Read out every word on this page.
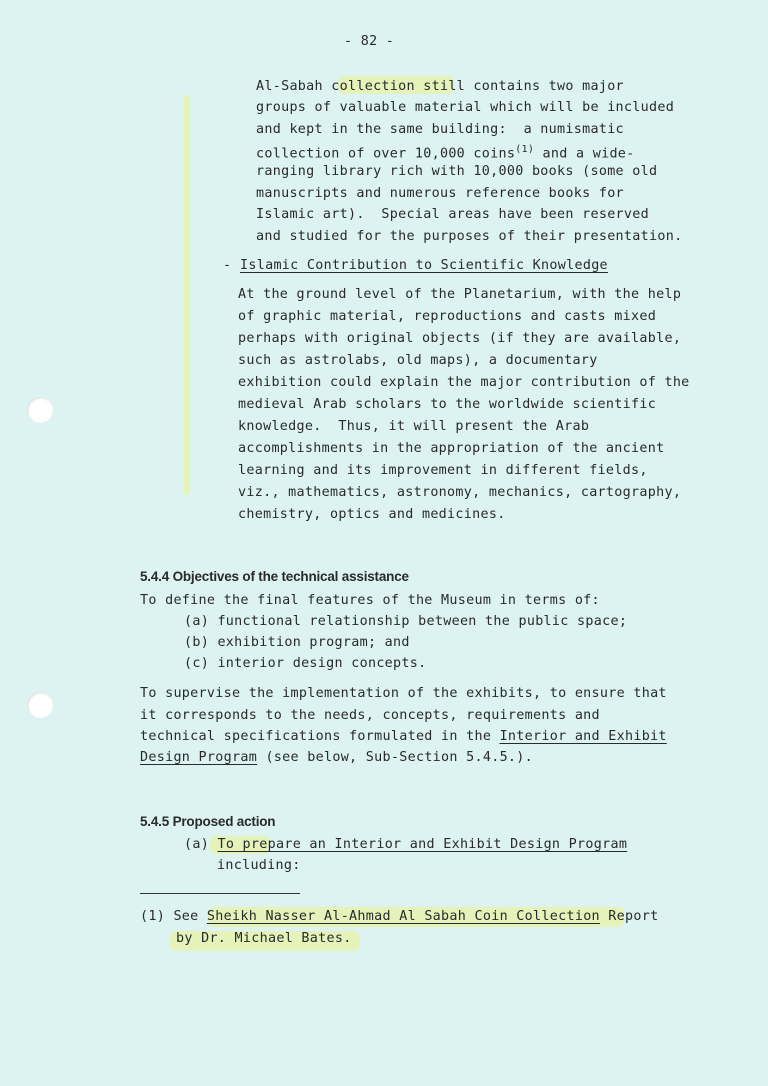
- 82 -
Al-Sabah collection still contains two major
groups of valuable material which will be included
and kept in the same building:  a numismatic
collection of over 10,000 coins$^{(1)}$ and a wide-
ranging library rich with 10,000 books (some old
manuscripts and numerous reference books for
Islamic art).  Special areas have been reserved
and studied for the purposes of their presentation.
- Islamic Contribution to Scientific Knowledge
At the ground level of the Planetarium, with the help
of graphic material, reproductions and casts mixed
perhaps with original objects (if they are available,
such as astrolabs, old maps), a documentary
exhibition could explain the major contribution of the
medieval Arab scholars to the worldwide scientific
knowledge.  Thus, it will present the Arab
accomplishments in the appropriation of the ancient
learning and its improvement in different fields,
viz., mathematics, astronomy, mechanics, cartography,
chemistry, optics and medicines.
5.4.4 Objectives of the technical assistance
To define the final features of the Museum in terms of:
(a) functional relationship between the public space;
(b) exhibition program; and
(c) interior design concepts.
To supervise the implementation of the exhibits, to ensure that
it corresponds to the needs, concepts, requirements and
technical specifications formulated in the Interior and Exhibit
Design Program (see below, Sub-Section 5.4.5.).
5.4.5 Proposed action
(a) To prepare an Interior and Exhibit Design Program
including:
(1) See Sheikh Nasser Al-Ahmad Al Sabah Coin Collection Report
by Dr. Michael Bates.
